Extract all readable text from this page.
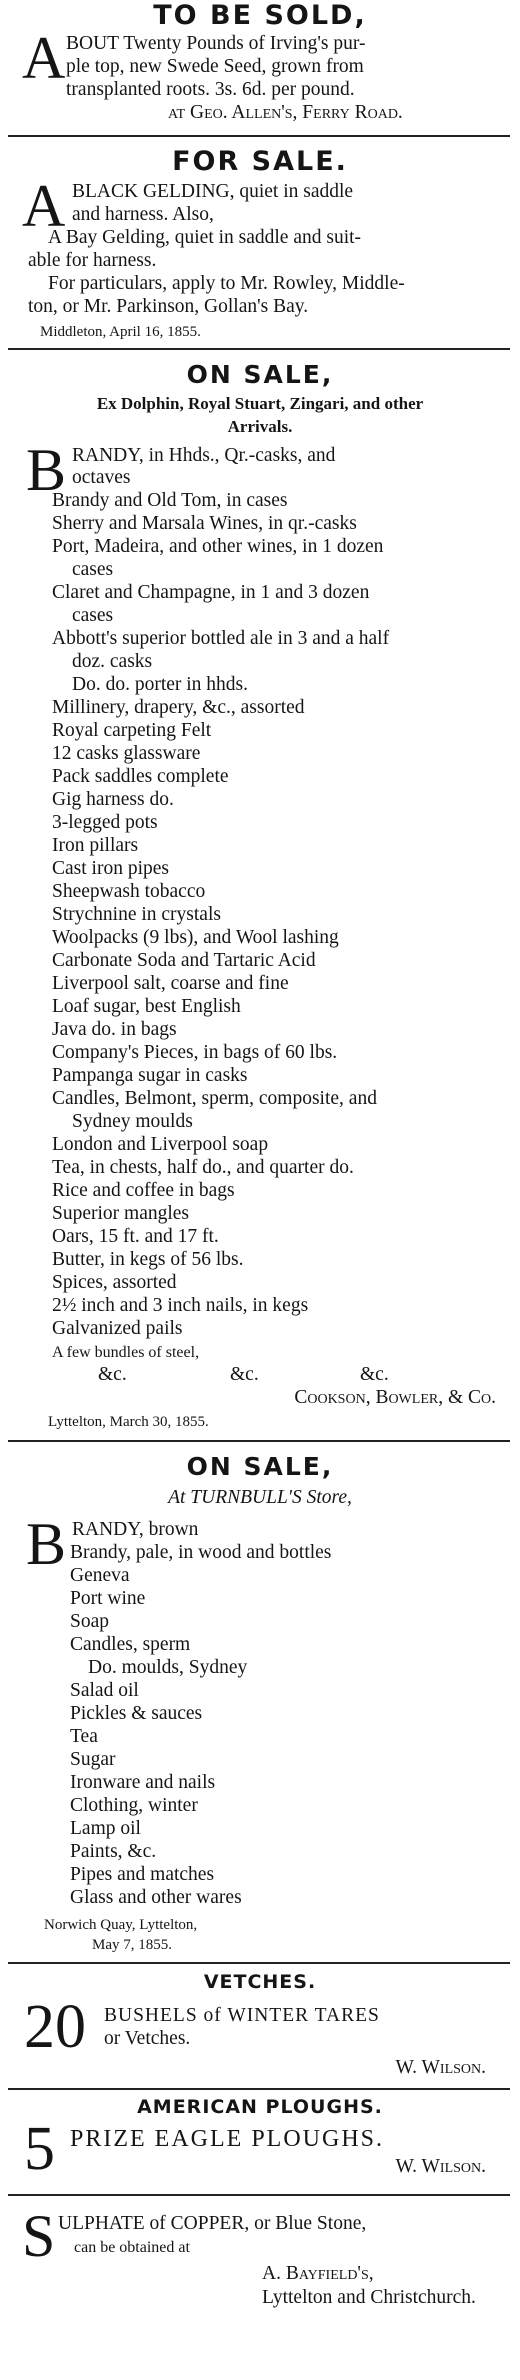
TO BE SOLD,
A BOUT Twenty Pounds of Irving's pur-
ple top, new Swede Seed, grown from
transplanted roots. 3s. 6d. per pound.
at Geo. Allen's, Ferry Road.
FOR SALE.
A BLACK GELDING, quiet in saddle
and harness. Also,
A Bay Gelding, quiet in saddle and suit-
able for harness.
For particulars, apply to Mr. Rowley, Middle-
ton, or Mr. Parkinson, Gollan's Bay.
Middleton, April 16, 1855.
ON SALE,
Ex Dolphin, Royal Stuart, Zingari, and other
Arrivals.
B RANDY, in Hhds., Qr.-casks, and
octaves
Brandy and Old Tom, in cases
Sherry and Marsala Wines, in qr.-casks
Port, Madeira, and other wines, in 1 dozen
cases
Claret and Champagne, in 1 and 3 dozen
cases
Abbott's superior bottled ale in 3 and a half
doz. casks
Do. do. porter in hhds.
Millinery, drapery, &c., assorted
Royal carpeting Felt
12 casks glassware
Pack saddles complete
Gig harness do.
3-legged pots
Iron pillars
Cast iron pipes
Sheepwash tobacco
Strychnine in crystals
Woolpacks (9 lbs), and Wool lashing
Carbonate Soda and Tartaric Acid
Liverpool salt, coarse and fine
Loaf sugar, best English
Java do. in bags
Company's Pieces, in bags of 60 lbs.
Pampanga sugar in casks
Candles, Belmont, sperm, composite, and
Sydney moulds
London and Liverpool soap
Tea, in chests, half do., and quarter do.
Rice and coffee in bags
Superior mangles
Oars, 15 ft. and 17 ft.
Butter, in kegs of 56 lbs.
Spices, assorted
2½ inch and 3 inch nails, in kegs
Galvanized pails
A few bundles of steel,
&c.	&c.	&c.
Cookson, Bowler, & Co.
Lyttelton, March 30, 1855.
ON SALE,
At TURNBULL'S Store,
B RANDY, brown
Brandy, pale, in wood and bottles
Geneva
Port wine
Soap
Candles, sperm
Do. moulds, Sydney
Salad oil
Pickles & sauces
Tea
Sugar
Ironware and nails
Clothing, winter
Lamp oil
Paints, &c.
Pipes and matches
Glass and other wares
Norwich Quay, Lyttelton,
May 7, 1855.
VETCHES.
20 BUSHELS of WINTER TARES
or Vetches.
W. Wilson.
AMERICAN PLOUGHS.
5 PRIZE EAGLE PLOUGHS.
W. Wilson.
S ULPHATE of COPPER, or Blue Stone,
can be obtained at
A. Bayfield's,
Lyttelton and Christchurch.
